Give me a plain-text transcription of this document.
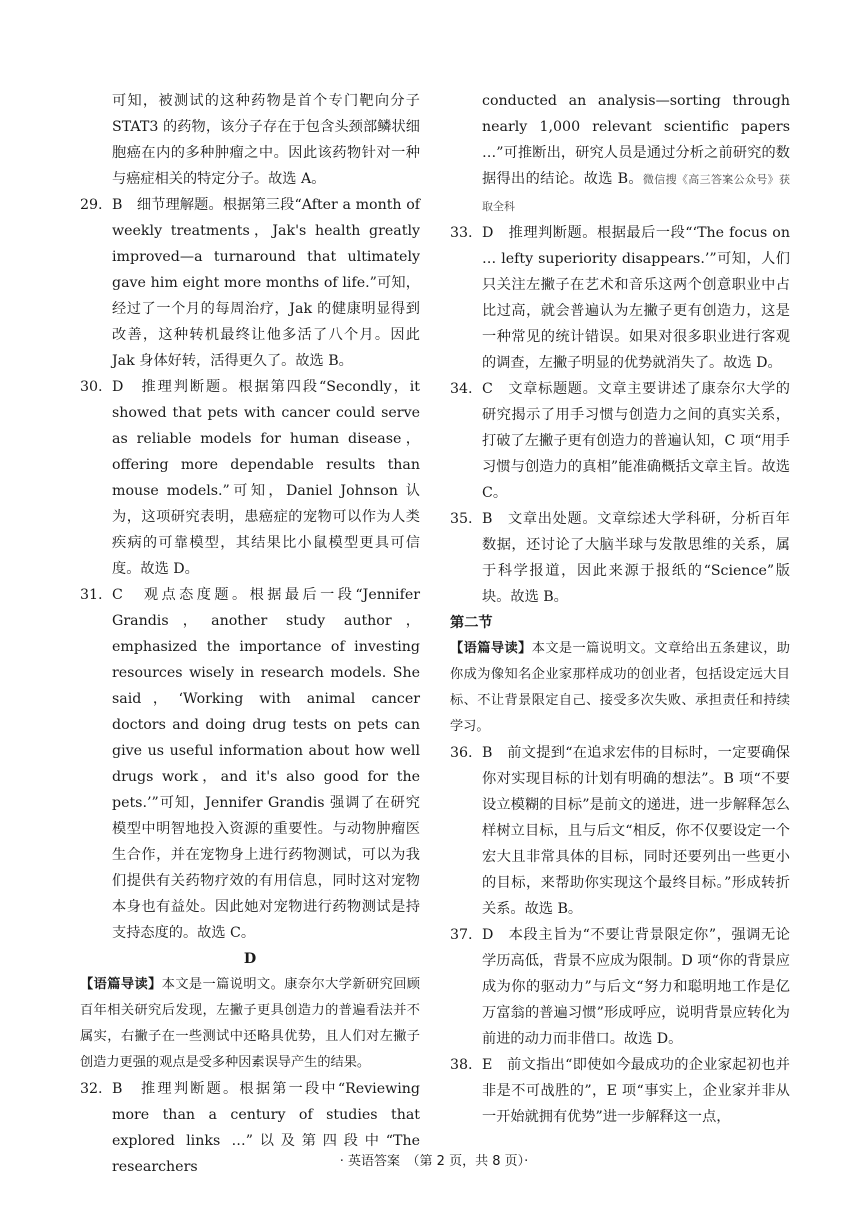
可知，被测试的这种药物是首个专门靶向分子STAT3 的药物，该分子存在于包含头颈部鳞状细胞癌在内的多种肿瘤之中。因此该药物针对一种与癌症相关的特定分子。故选 A。

29. B　细节理解题。根据第三段“After a month of weekly treatments，Jak's health greatly improved—a turnaround that ultimately gave him eight more months of life.”可知，经过了一个月的每周治疗，Jak 的健康明显得到改善，这种转机最终让他多活了八个月。因此 Jak 身体好转，活得更久了。故选 B。
30. D　推理判断题。根据第四段“Secondly，it showed that pets with cancer could serve as reliable models for human disease，offering more dependable results than mouse models.”可知，Daniel Johnson 认为，这项研究表明，患癌症的宠物可以作为人类疾病的可靠模型，其结果比小鼠模型更具可信度。故选 D。
31. C　观点态度题。根据最后一段“Jennifer Grandis，another study author，emphasized the importance of investing resources wisely in research models. She said，‘Working with animal cancer doctors and doing drug tests on pets can give us useful information about how well drugs work，and it's also good for the pets.’”可知，Jennifer Grandis 强调了在研究模型中明智地投入资源的重要性。与动物肿瘤医生合作，并在宠物身上进行药物测试，可以为我们提供有关药物疗效的有用信息，同时这对宠物本身也有益处。因此她对宠物进行药物测试是持支持态度的。故选 C。

D

【语篇导读】本文是一篇说明文。康奈尔大学新研究回顾百年相关研究后发现，左撇子更具创造力的普遍看法并不属实，右撇子在一些测试中还略具优势，且人们对左撇子创造力更强的观点是受多种因素误导产生的结果。

32. B　推理判断题。根据第一段中“Reviewing more than a century of studies that explored links …”以及第四段中“The researchers

conducted an analysis—sorting through nearly 1,000 relevant scientific papers …”可推断出，研究人员是通过分析之前研究的数据得出的结论。故选 B。微信搜《高三答案公众号》获取全科

33. D　推理判断题。根据最后一段“‘The focus on … lefty superiority disappears.’”可知，人们只关注左撇子在艺术和音乐这两个创意职业中占比过高，就会普遍认为左撇子更有创造力，这是一种常见的统计错误。如果对很多职业进行客观的调查，左撇子明显的优势就消失了。故选 D。
34. C　文章标题题。文章主要讲述了康奈尔大学的研究揭示了用手习惯与创造力之间的真实关系，打破了左撇子更有创造力的普遍认知，C 项“用手习惯与创造力的真相”能准确概括文章主旨。故选 C。
35. B　文章出处题。文章综述大学科研，分析百年数据，还讨论了大脑半球与发散思维的关系，属于科学报道，因此来源于报纸的“Science”版块。故选 B。

第二节

【语篇导读】本文是一篇说明文。文章给出五条建议，助你成为像知名企业家那样成功的创业者，包括设定远大目标、不让背景限定自己、接受多次失败、承担责任和持续学习。

36. B　前文提到“在追求宏伟的目标时，一定要确保你对实现目标的计划有明确的想法”。B 项“不要设立模糊的目标”是前文的递进，进一步解释怎么样树立目标，且与后文“相反，你不仅要设定一个宏大且非常具体的目标，同时还要列出一些更小的目标，来帮助你实现这个最终目标。”形成转折关系。故选 B。
37. D　本段主旨为“不要让背景限定你”，强调无论学历高低，背景不应成为限制。D 项“你的背景应成为你的驱动力”与后文“努力和聪明地工作是亿万富翁的普遍习惯”形成呼应，说明背景应转化为前进的动力而非借口。故选 D。
38. E　前文指出“即使如今最成功的企业家起初也并非是不可战胜的”，E 项“事实上，企业家并非从一开始就拥有优势”进一步解释这一点，
· 英语答案　（第 2 页，共 8 页）·
